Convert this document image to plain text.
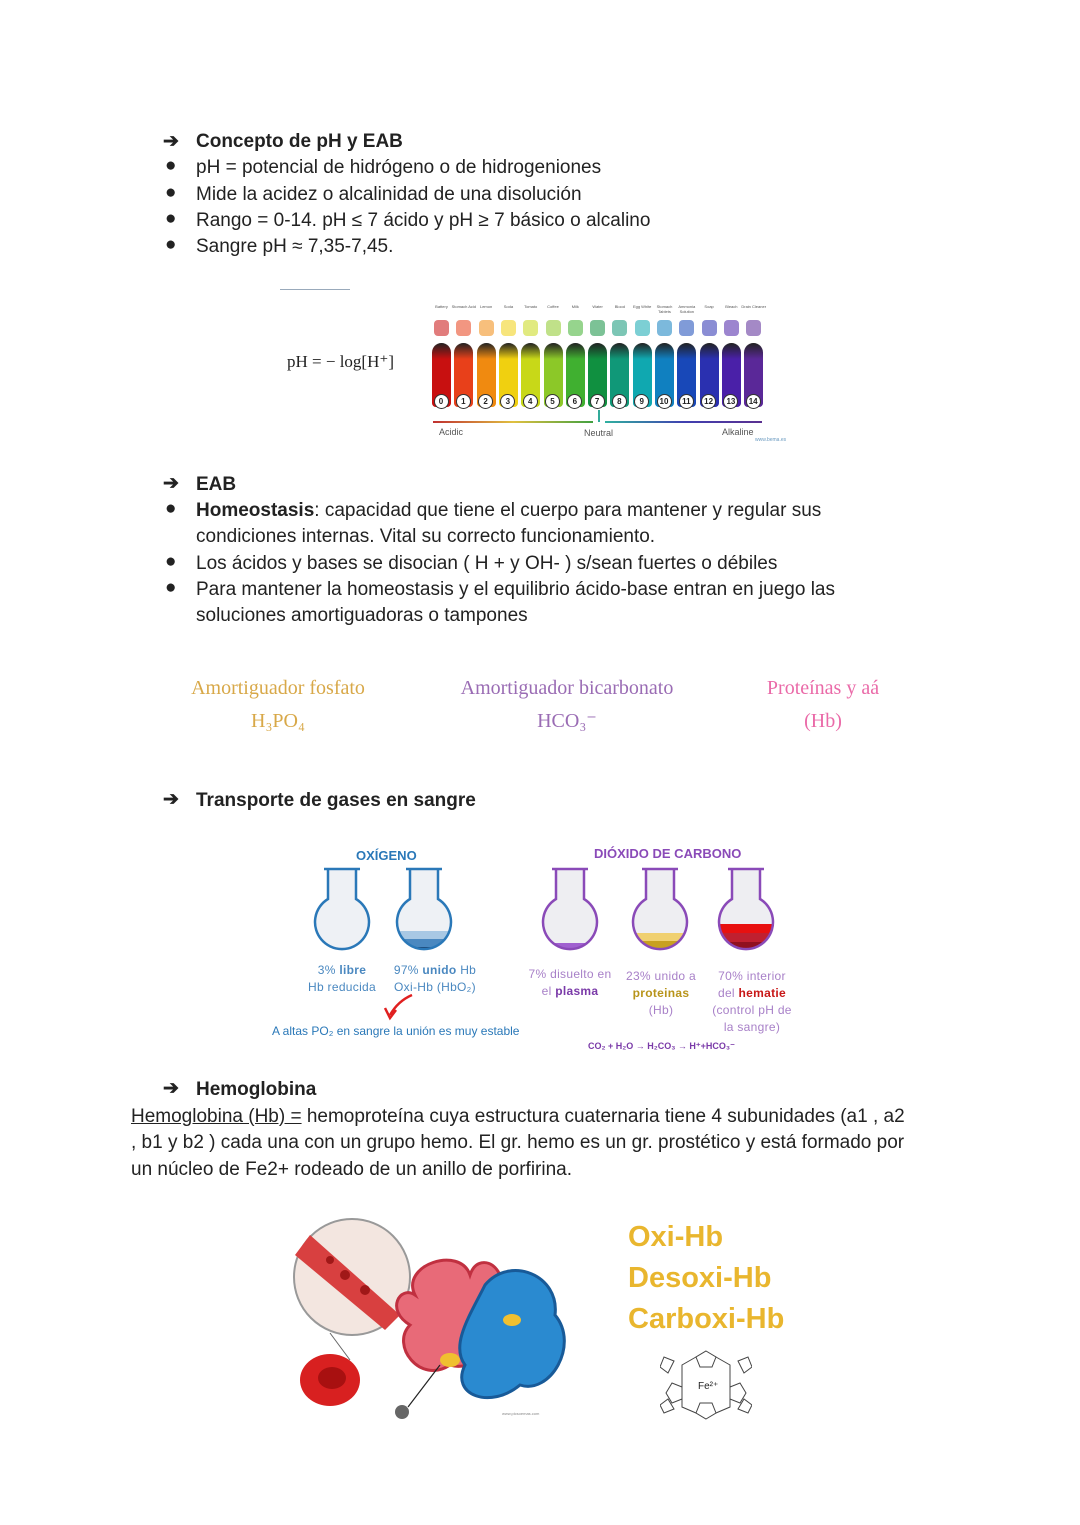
➔ Concepto de pH y EAB
● pH = potencial de hidrógeno o de hidrogeniones
● Mide la acidez o alcalinidad de una disolución
● Rango = 0-14. pH ≤ 7 ácido y pH ≥ 7 básico o alcalino
● Sangre pH ≈ 7,35-7,45.
pH = − log[H⁺]
0
Battery
1
Stomach Acid
2
Lemon
3
Soda
4
Tomato
5
Coffee
6
Milk
7
Water
8
Blood
9
Egg White
10
Stomach Tablets
11
Ammonia Solution
12
Soap
13
Bleach
14
Drain Cleaner
Acidic	Neutral	Alkaline
www.bema.es
➔ EAB
● Homeostasis: capacidad que tiene el cuerpo para mantener y regular sus
condiciones internas. Vital su correcto funcionamiento.
● Los ácidos y bases se disocian ( H + y OH- ) s/sean fuertes o débiles
● Para mantener la homeostasis y el equilibrio ácido-base entran en juego las
soluciones amortiguadoras o tampones
Amortiguador fosfato
H₃PO₄
Amortiguador bicarbonato
HCO₃⁻
Proteínas y aá
(Hb)
➔ Transporte de gases en sangre
OXÍGENO	DIÓXIDO DE CARBONO
3% libre
Hb reducida
97% unido Hb
Oxi-Hb (HbO₂)
A altas PO₂ en sangre la unión es muy estable
7% disuelto en
el plasma
23% unido a
proteinas
(Hb)
70% interior
del hematie
(control pH de
la sangre)
CO₂ + H₂O → H₂CO₃ → H⁺+HCO₃⁻
➔ Hemoglobina
Hemoglobina (Hb) = hemoproteína cuya estructura cuaternaria tiene 4 subunidades (a1 , a2
, b1 y b2 ) cada una con un grupo hemo. El gr. hemo es un gr. prostético y está formado por
un núcleo de Fe2+ rodeado de un anillo de porfirina.
www.picsoemas.com
Oxi-Hb
Desoxi-Hb
Carboxi-Hb
Fe²⁺
